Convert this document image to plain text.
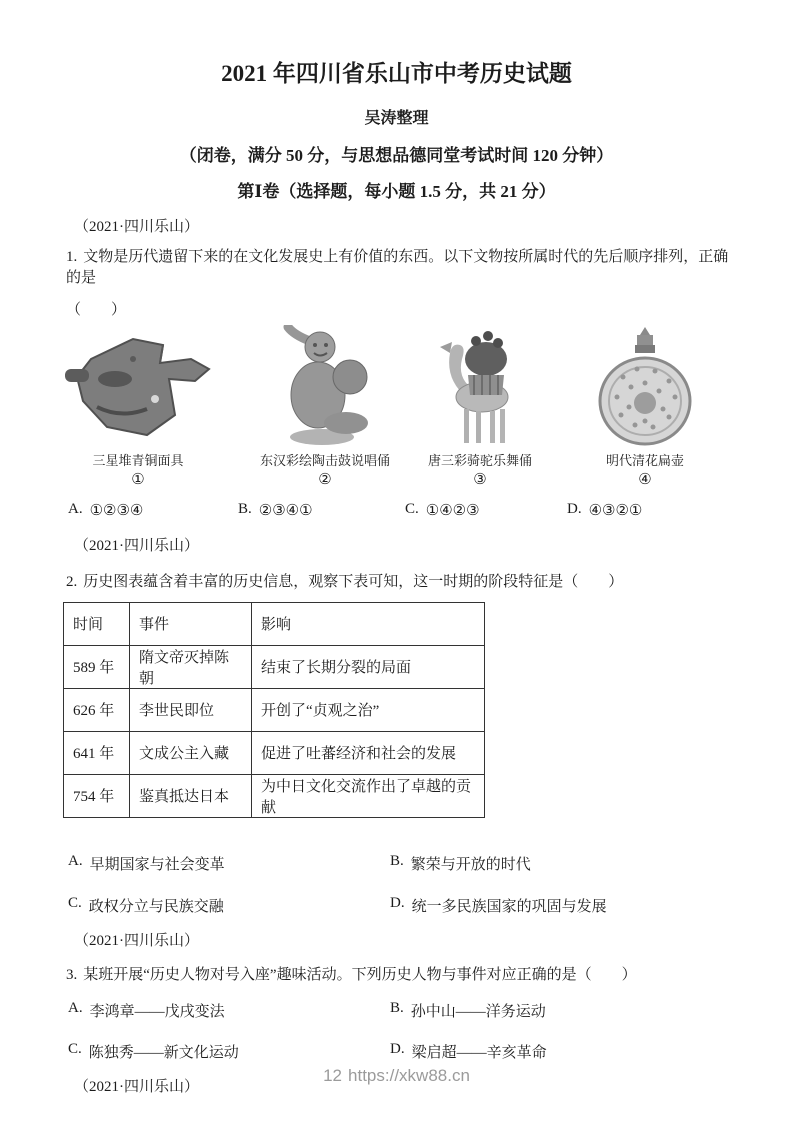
2021 年四川省乐山市中考历史试题
吴涛整理
（闭卷，满分 50 分，与思想品德同堂考试时间 120 分钟）
第Ⅰ卷（选择题，每小题 1.5 分，共 21 分）
（2021·四川乐山）
1. 文物是历代遗留下来的在文化发展史上有价值的东西。以下文物按所属时代的先后顺序排列，正确的是
（　　）
三星堆青铜面具
①
东汉彩绘陶击鼓说唱俑
②
唐三彩骑驼乐舞俑
③
明代清花扁壶
④
A. ①②③④	B. ②③④①	C. ①④②③	D. ④③②①
（2021·四川乐山）
2. 历史图表蕴含着丰富的历史信息，观察下表可知，这一时期的阶段特征是（　　）
时间	事件	影响
589 年	隋文帝灭掉陈朝	结束了长期分裂的局面
626 年	李世民即位	开创了“贞观之治”
641 年	文成公主入藏	促进了吐蕃经济和社会的发展
754 年	鉴真抵达日本	为中日文化交流作出了卓越的贡献
A. 早期国家与社会变革	B. 繁荣与开放的时代
C. 政权分立与民族交融	D. 统一多民族国家的巩固与发展
（2021·四川乐山）
3. 某班开展“历史人物对号入座”趣味活动。下列历史人物与事件对应正确的是（　　）
A. 李鸿章——戊戌变法	B. 孙中山——洋务运动
C. 陈独秀——新文化运动	D. 梁启超——辛亥革命
（2021·四川乐山）
12 https://xkw88.cn
